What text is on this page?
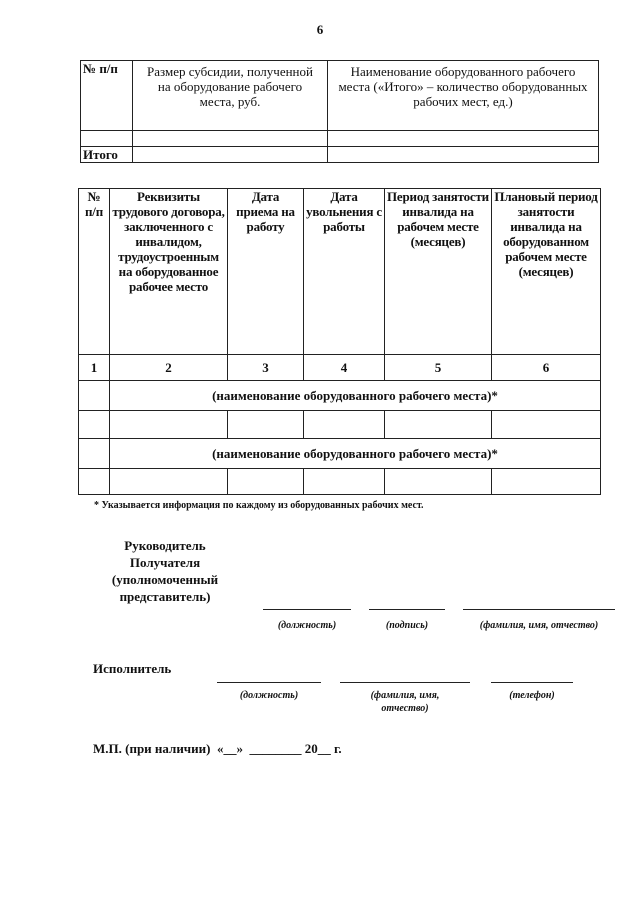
6
№ п/п	Размер субсидии, полученной на оборудование рабочего места, руб.	Наименование оборудованного рабочего места («Итого» – количество оборудованных рабочих мест, ед.)

Итого		
№ п/п	Реквизиты трудового договора, заключенного с инвалидом, трудоустроенным на оборудованное рабочее место	Дата приема на работу	Дата увольнения с работы	Период занятости инвалида на рабочем месте (месяцев)	Плановый период занятости инвалида на оборудованном рабочем месте (месяцев)
1	2	3	4	5	6
	(наименование оборудованного рабочего места)*				

	(наименование оборудованного рабочего места)*				

* Указывается информация по каждому из оборудованных рабочих мест.
Руководитель Получателя (уполномоченный представитель)
(должность)	(подпись)	(фамилия, имя, отчество)
Исполнитель
(должность)	(фамилия, имя, отчество)
(телефон)
М.П. (при наличии)  «__»  ________ 20__ г.
